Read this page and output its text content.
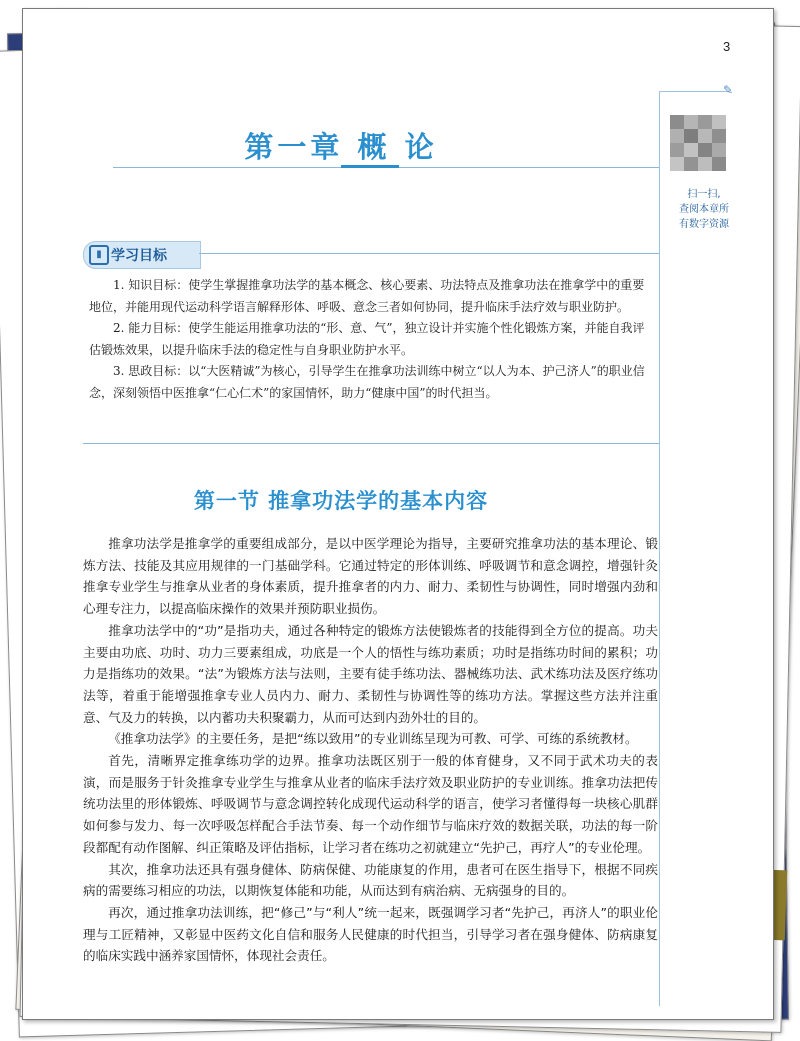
3
✎
扫一扫,
查阅本章所
有数字资源
第一章 概 论
▮ 学习目标

1. 知识目标：使学生掌握推拿功法学的基本概念、核心要素、功法特点及推拿功法在推拿学中的重要地位，并能用现代运动科学语言解释形体、呼吸、意念三者如何协同，提升临床手法疗效与职业防护。

2. 能力目标：使学生能运用推拿功法的“形、意、气”，独立设计并实施个性化锻炼方案，并能自我评估锻炼效果，以提升临床手法的稳定性与自身职业防护水平。

3. 思政目标：以“大医精诚”为核心，引导学生在推拿功法训练中树立“以人为本、护己济人”的职业信念，深刻领悟中医推拿“仁心仁术”的家国情怀，助力“健康中国”的时代担当。

第一节 推拿功法学的基本内容

推拿功法学是推拿学的重要组成部分，是以中医学理论为指导，主要研究推拿功法的基本理论、锻炼方法、技能及其应用规律的一门基础学科。它通过特定的形体训练、呼吸调节和意念调控，增强针灸推拿专业学生与推拿从业者的身体素质，提升推拿者的内力、耐力、柔韧性与协调性，同时增强内劲和心理专注力，以提高临床操作的效果并预防职业损伤。

推拿功法学中的“功”是指功夫，通过各种特定的锻炼方法使锻炼者的技能得到全方位的提高。功夫主要由功底、功时、功力三要素组成，功底是一个人的悟性与练功素质；功时是指练功时间的累积；功力是指练功的效果。“法”为锻炼方法与法则，主要有徒手练功法、器械练功法、武术练功法及医疗练功法等，着重于能增强推拿专业人员内力、耐力、柔韧性与协调性等的练功方法。掌握这些方法并注重意、气及力的转换，以内蓄功夫积聚霸力，从而可达到内劲外壮的目的。

《推拿功法学》的主要任务，是把“练以致用”的专业训练呈现为可教、可学、可练的系统教材。

首先，清晰界定推拿练功学的边界。推拿功法既区别于一般的体育健身，又不同于武术功夫的表演，而是服务于针灸推拿专业学生与推拿从业者的临床手法疗效及职业防护的专业训练。推拿功法把传统功法里的形体锻炼、呼吸调节与意念调控转化成现代运动科学的语言，使学习者懂得每一块核心肌群如何参与发力、每一次呼吸怎样配合手法节奏、每一个动作细节与临床疗效的数据关联，功法的每一阶段都配有动作图解、纠正策略及评估指标，让学习者在练功之初就建立“先护己，再疗人”的专业伦理。

其次，推拿功法还具有强身健体、防病保健、功能康复的作用，患者可在医生指导下，根据不同疾病的需要练习相应的功法，以期恢复体能和功能，从而达到有病治病、无病强身的目的。

再次，通过推拿功法训练，把“修己”与“利人”统一起来，既强调学习者“先护己，再济人”的职业伦理与工匠精神，又彰显中医药文化自信和服务人民健康的时代担当，引导学习者在强身健体、防病康复的临床实践中涵养家国情怀，体现社会责任。
